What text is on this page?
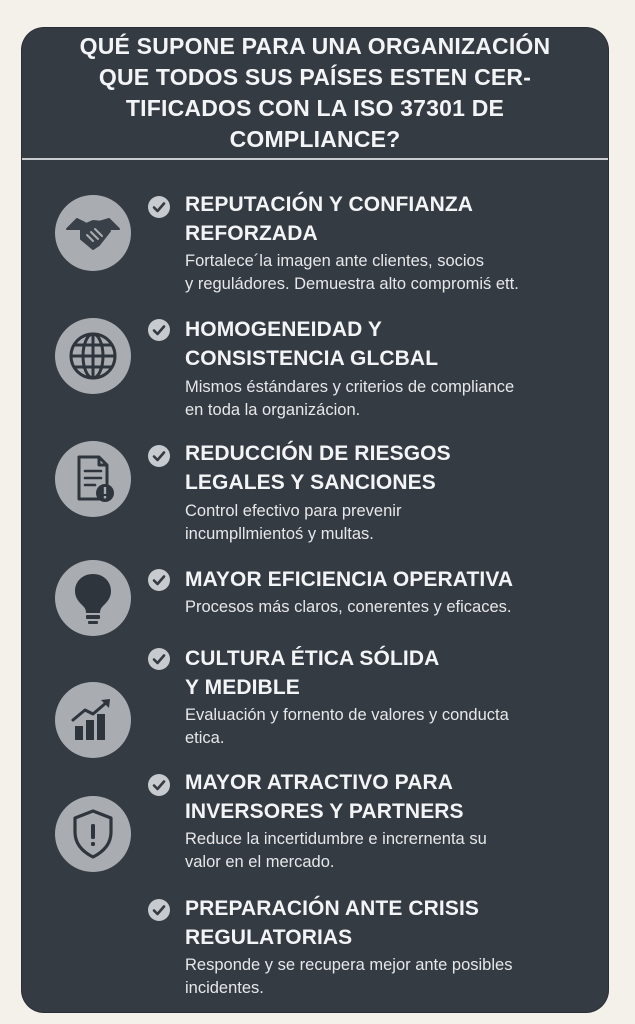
QUÉ SUPONE PARA UNA ORGANIZACIÓN
QUE TODOS SUS PAÍSES ESTEN CER-
TIFICADOS CON LA ISO 37301 DE COMPLIANCE?
REPUTACIÓN Y CONFIANZA
REFORZADA

Fortalece´la imagen ante clientes, socios
y reguládores. Demuestra alto compromiś ett.

HOMOGENEIDAD Y
CONSISTENCIA GLCBAL

Mismos éstándares y criterios de compliance
en toda la organizácion.

REDUCCIÓN DE RIESGOS
LEGALES Y SANCIONES

Control efectivo para prevenir
incumpllmientoś y multas.

MAYOR EFICIENCIA OPERATIVA

Procesos más claros, conerentes y eficaces.

CULTURA ÉTICA SÓLIDA
Y MEDIBLE

Evaluación y fornento de valores y conducta
etica.

MAYOR ATRACTIVO PARA
INVERSORES Y PARTNERS

Reduce la incertidumbre e incrernenta su
valor en el mercado.

PREPARACIÓN ANTE CRISIS
REGULATORIAS

Responde y se recupera mejor ante posibles
incidentes.
